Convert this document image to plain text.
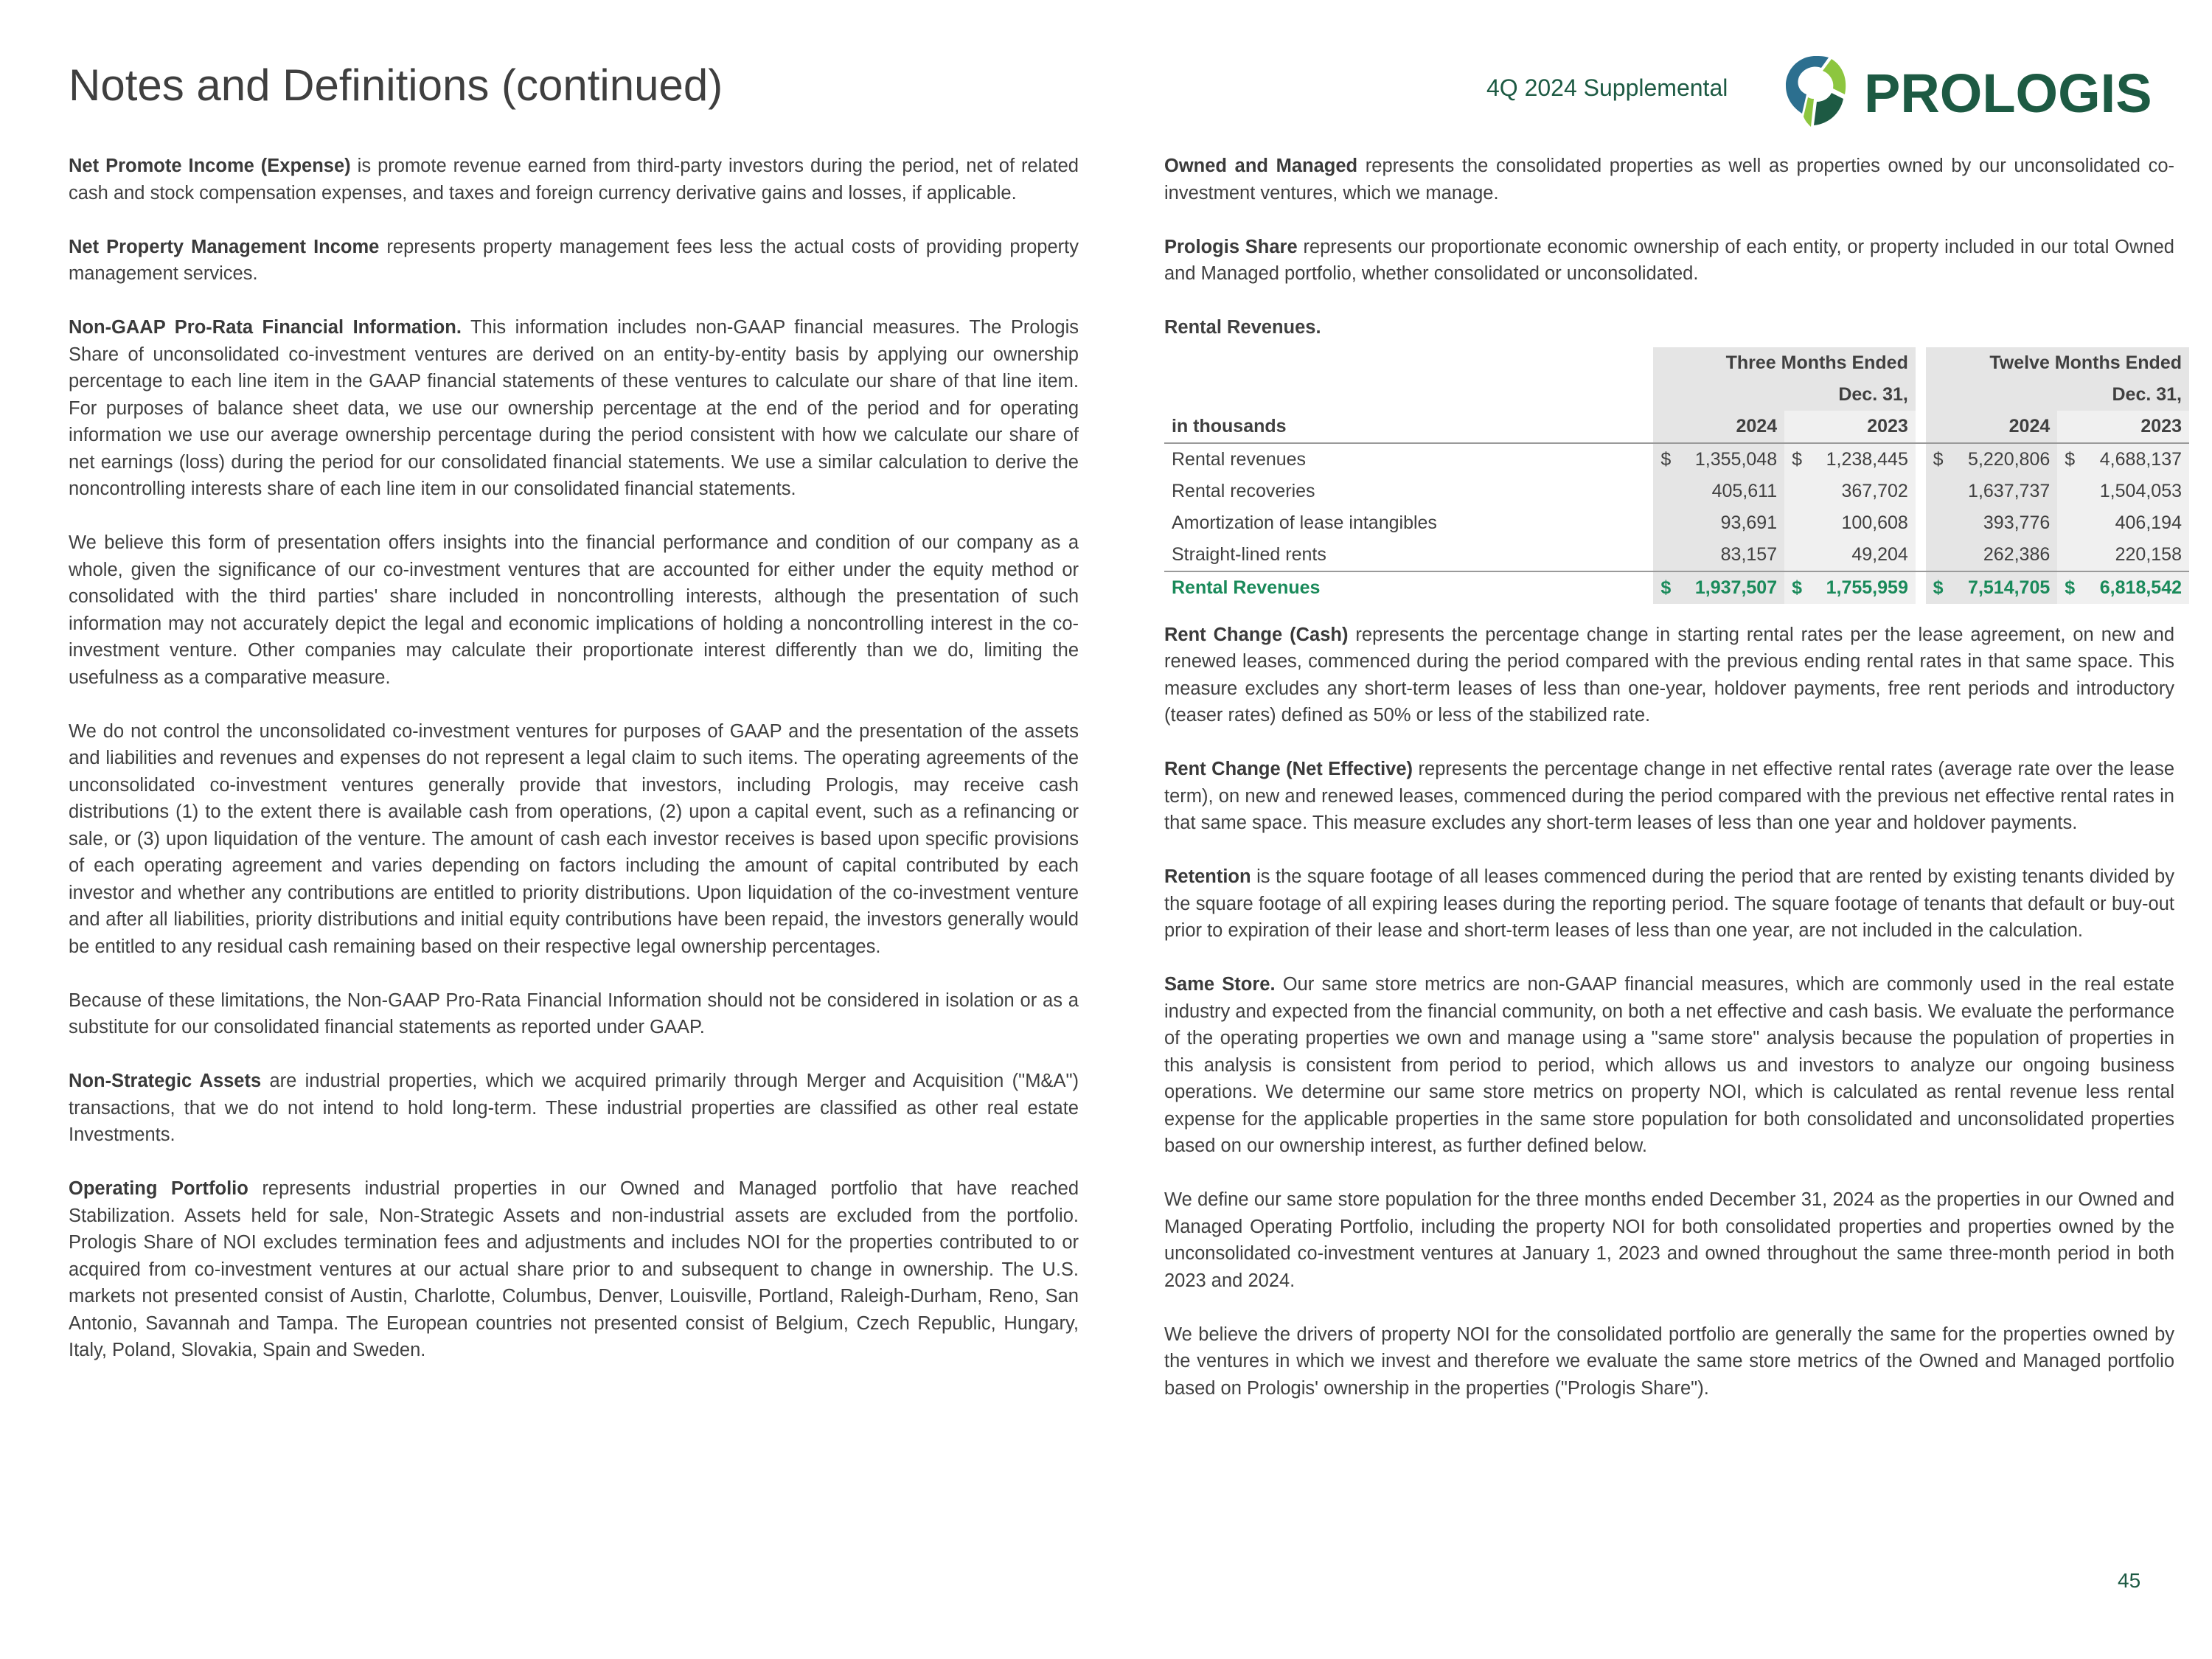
Notes and Definitions (continued)	4Q 2024 Supplemental PROLOGIS

Net Promote Income (Expense) is promote revenue earned from third-party investors during the period, net of related cash and stock compensation expenses, and taxes and foreign currency derivative gains and losses, if applicable.

Net Property Management Income represents property management fees less the actual costs of providing property management services.

Non-GAAP Pro-Rata Financial Information. This information includes non-GAAP financial measures. The Prologis Share of unconsolidated co-investment ventures are derived on an entity-by-entity basis by applying our ownership percentage to each line item in the GAAP financial statements of these ventures to calculate our share of that line item. For purposes of balance sheet data, we use our ownership percentage at the end of the period and for operating information we use our average ownership percentage during the period consistent with how we calculate our share of net earnings (loss) during the period for our consolidated financial statements. We use a similar calculation to derive the noncontrolling interests share of each line item in our consolidated financial statements.

We believe this form of presentation offers insights into the financial performance and condition of our company as a whole, given the significance of our co-investment ventures that are accounted for either under the equity method or consolidated with the third parties' share included in noncontrolling interests, although the presentation of such information may not accurately depict the legal and economic implications of holding a noncontrolling interest in the co-investment venture. Other companies may calculate their proportionate interest differently than we do, limiting the usefulness as a comparative measure.

We do not control the unconsolidated co-investment ventures for purposes of GAAP and the presentation of the assets and liabilities and revenues and expenses do not represent a legal claim to such items. The operating agreements of the unconsolidated co-investment ventures generally provide that investors, including Prologis, may receive cash distributions (1) to the extent there is available cash from operations, (2) upon a capital event, such as a refinancing or sale, or (3) upon liquidation of the venture. The amount of cash each investor receives is based upon specific provisions of each operating agreement and varies depending on factors including the amount of capital contributed by each investor and whether any contributions are entitled to priority distributions. Upon liquidation of the co-investment venture and after all liabilities, priority distributions and initial equity contributions have been repaid, the investors generally would be entitled to any residual cash remaining based on their respective legal ownership percentages.

Because of these limitations, the Non-GAAP Pro-Rata Financial Information should not be considered in isolation or as a substitute for our consolidated financial statements as reported under GAAP.

Non-Strategic Assets are industrial properties, which we acquired primarily through Merger and Acquisition ("M&A") transactions, that we do not intend to hold long-term. These industrial properties are classified as other real estate Investments.

Operating Portfolio represents industrial properties in our Owned and Managed portfolio that have reached Stabilization. Assets held for sale, Non-Strategic Assets and non-industrial assets are excluded from the portfolio. Prologis Share of NOI excludes termination fees and adjustments and includes NOI for the properties contributed to or acquired from co-investment ventures at our actual share prior to and subsequent to change in ownership. The U.S. markets not presented consist of Austin, Charlotte, Columbus, Denver, Louisville, Portland, Raleigh-Durham, Reno, San Antonio, Savannah and Tampa. The European countries not presented consist of Belgium, Czech Republic, Hungary, Italy, Poland, Slovakia, Spain and Sweden.

Owned and Managed represents the consolidated properties as well as properties owned by our unconsolidated co-investment ventures, which we manage.

Prologis Share represents our proportionate economic ownership of each entity, or property included in our total Owned and Managed portfolio, whether consolidated or unconsolidated.

Rental Revenues.
	Three Months Ended			Twelve Months Ended	
	Dec. 31,			Dec. 31,	
in thousands	2024	2023		2024	2023
Rental revenues	$ 1,355,048	$ 1,238,445		$ 5,220,806	$ 4,688,137
Rental recoveries	405,611	367,702		1,637,737	1,504,053
Amortization of lease intangibles	93,691	100,608		393,776	406,194
Straight-lined rents	83,157	49,204		262,386	220,158
Rental Revenues	$ 1,937,507	$ 1,755,959		$ 7,514,705	$ 6,818,542

Rent Change (Cash) represents the percentage change in starting rental rates per the lease agreement, on new and renewed leases, commenced during the period compared with the previous ending rental rates in that same space. This measure excludes any short-term leases of less than one-year, holdover payments, free rent periods and introductory (teaser rates) defined as 50% or less of the stabilized rate.

Rent Change (Net Effective) represents the percentage change in net effective rental rates (average rate over the lease term), on new and renewed leases, commenced during the period compared with the previous net effective rental rates in that same space. This measure excludes any short-term leases of less than one year and holdover payments.

Retention is the square footage of all leases commenced during the period that are rented by existing tenants divided by the square footage of all expiring leases during the reporting period. The square footage of tenants that default or buy-out prior to expiration of their lease and short-term leases of less than one year, are not included in the calculation.

Same Store. Our same store metrics are non-GAAP financial measures, which are commonly used in the real estate industry and expected from the financial community, on both a net effective and cash basis. We evaluate the performance of the operating properties we own and manage using a "same store" analysis because the population of properties in this analysis is consistent from period to period, which allows us and investors to analyze our ongoing business operations. We determine our same store metrics on property NOI, which is calculated as rental revenue less rental expense for the applicable properties in the same store population for both consolidated and unconsolidated properties based on our ownership interest, as further defined below.

We define our same store population for the three months ended December 31, 2024 as the properties in our Owned and Managed Operating Portfolio, including the property NOI for both consolidated properties and properties owned by the unconsolidated co-investment ventures at January 1, 2023 and owned throughout the same three-month period in both 2023 and 2024.

We believe the drivers of property NOI for the consolidated portfolio are generally the same for the properties owned by the ventures in which we invest and therefore we evaluate the same store metrics of the Owned and Managed portfolio based on Prologis' ownership in the properties ("Prologis Share").

45
